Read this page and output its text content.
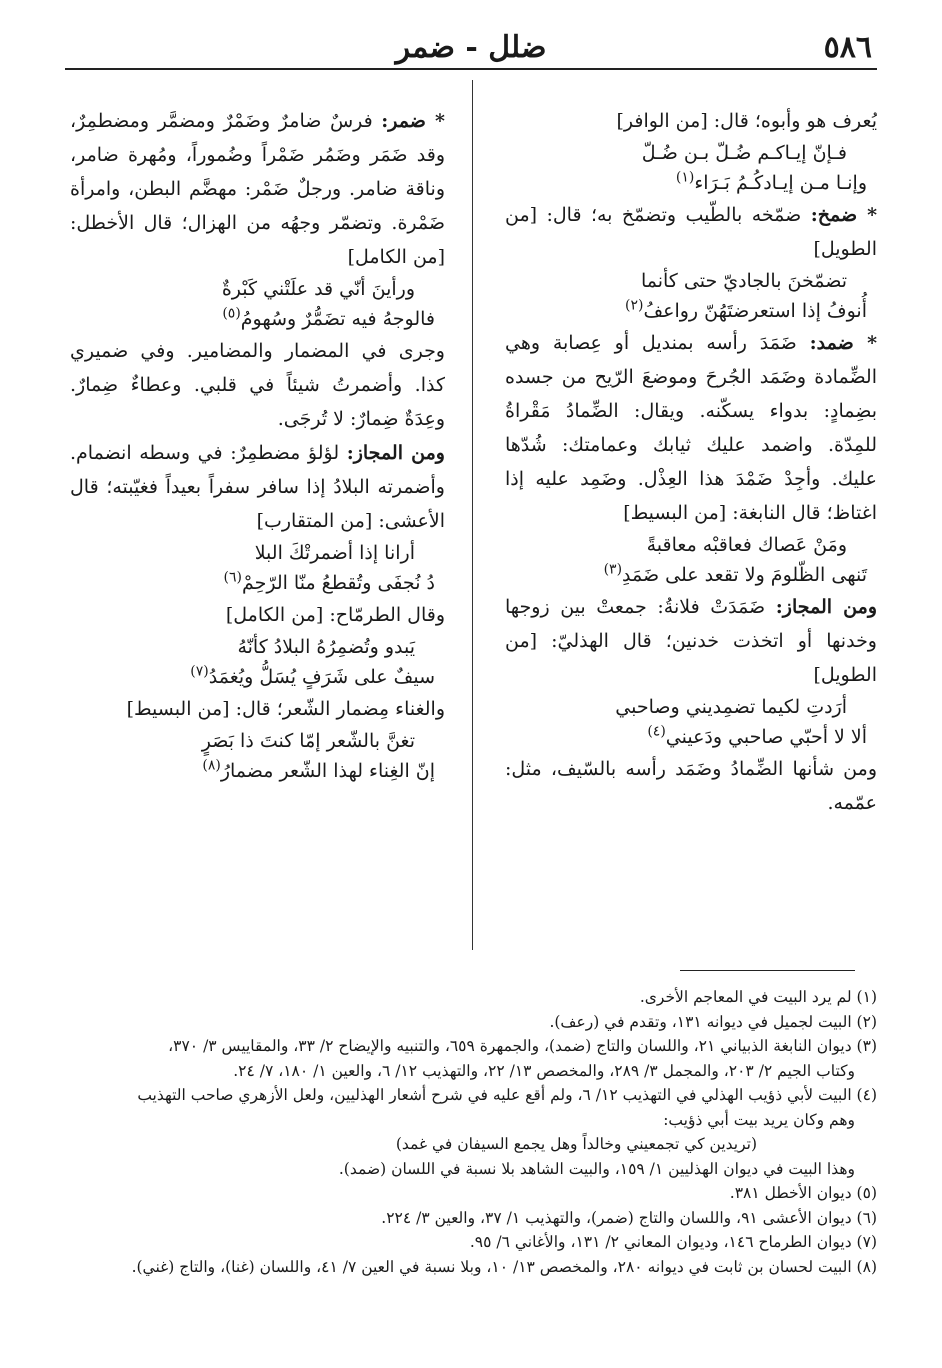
٥٨٦
ضلل - ضمر
يُعرف هو وأبوه؛ قال: [من الوافر]
فـإنّ إيـاكـم ضُـلّ بـن ضُـلّ
وإنـا مـن إيـادكُـمُ بَـرَاء$^{(١)}$
* ضمخ: ضمّخه بالطّيب وتضمّخ به؛ قال: [من
الطويل]
تضمّخنَ بالجاديّ حتى كأنما
أُنوفُ إذا استعرضتَهُنّ رواعفُ$^{(٢)}$
* ضمد: ضَمَدَ رأسه بمنديل أو عِصابة وهي
الضِّمادة وضَمَد الجُرحَ وموضعَ الرّيح من جسده
بضِمادٍ: بدواء يسكّنه. ويقال: الضِّمادُ مَقْراةُ
للمِدّة. واضمد عليك ثيابك وعمامتك: شُدّها
عليك. وأجِدْ ضَمْدَ هذا العِذْل. وضَمِد عليه إذا
اغتاظ؛ قال النابغة: [من البسيط]
ومَنْ عَصاك فعاقبْه معاقبةً
تَنهى الظّلومَ ولا تقعد على ضَمَدِ$^{(٣)}$
ومن المجاز: ضَمَدَتْ فلانةُ: جمعتْ بين زوجها
وخدنها أو اتخذت خدنين؛ قال الهذليّ: [من
الطويل]
أرَدتِ لكيما تضمِديني وصاحبي
ألا لا أحبّي صاحبي ودَعيني$^{(٤)}$
ومن شأنها الضِّمادُ وضَمَد رأسه بالسّيف، مثل:
عمّمه.
* ضمر: فرسٌ ضامرٌ وضَمْرٌ ومضمَّر ومضطمِرٌ،
وقد ضَمَر وضَمُر ضَمْراً وضُموراً، ومُهرة ضامر،
وناقة ضامر. ورجلٌ ضَمْر: مهضَّم البطن، وامرأة
ضَمْرة. وتضمّر وجهُه من الهزال؛ قال الأخطل:
[من الكامل]
ورأينَ أنّي قد علَتْني كَبْرةٌ
فالوجهُ فيه تضَمُّرٌ وسُهومُ$^{(٥)}$
وجرى في المضمار والمضامير. وفي ضميري
كذا. وأضمرتُ شيئاً في قلبي. وعطاءٌ ضِمارٌ.
وعِدَةٌ ضِمارٌ: لا تُرجَى.
ومن المجاز: لؤلؤ مضطمِرٌ: في وسطه انضمام.
وأضمرته البلادُ إذا سافر سفراً بعيداً فغيّبته؛ قال
الأعشى: [من المتقارب]
أرانا إذا أضمرتْكَ البلا
دُ نُجفَى وتُقطعُ منّا الرّحِمْ$^{(٦)}$
وقال الطرمّاح: [من الكامل]
يَبدو وتُضمِرُهُ البلادُ كأنّهُ
سيفٌ على شَرَفٍ يُسَلُّ ويُغمَدُ$^{(٧)}$
والغناء مِضمار الشّعر؛ قال: [من البسيط]
تغنَّ بالشّعر إمّا كنتَ ذا بَصَرٍ
إنّ الغِناء لهذا الشّعر مضمارُ$^{(٨)}$
(١) لم يرد البيت في المعاجم الأخرى.
(٢) البيت لجميل في ديوانه ١٣١، وتقدم في (رعف).
(٣) ديوان النابغة الذبياني ٢١، واللسان والتاج (ضمد)، والجمهرة ٦٥٩، والتنبيه والإيضاح ٢/ ٣٣، والمقاييس ٣/ ٣٧٠،
وكتاب الجيم ٢/ ٢٠٣، والمجمل ٣/ ٢٨٩، والمخصص ١٣/ ٢٢، والتهذيب ١٢/ ٦، والعين ١/ ١٨٠، ٧/ ٢٤.
(٤) البيت لأبي ذؤيب الهذلي في التهذيب ١٢/ ٦، ولم أقع عليه في شرح أشعار الهذليين، ولعل الأزهري صاحب التهذيب
وهم وكان يريد بيت أبي ذؤيب:
(تريدين كي تجمعيني وخالداً وهل يجمع السيفان في غمد)
وهذا البيت في ديوان الهذليين ١/ ١٥٩، والبيت الشاهد بلا نسبة في اللسان (ضمد).
(٥) ديوان الأخطل ٣٨١.
(٦) ديوان الأعشى ٩١، واللسان والتاج (ضمر)، والتهذيب ١/ ٣٧، والعين ٣/ ٢٢٤.
(٧) ديوان الطرماح ١٤٦، وديوان المعاني ٢/ ١٣١، والأغاني ٦/ ٩٥.
(٨) البيت لحسان بن ثابت في ديوانه ٢٨٠، والمخصص ١٣/ ١٠، وبلا نسبة في العين ٧/ ٤١، واللسان (غنا)، والتاج (غني).
